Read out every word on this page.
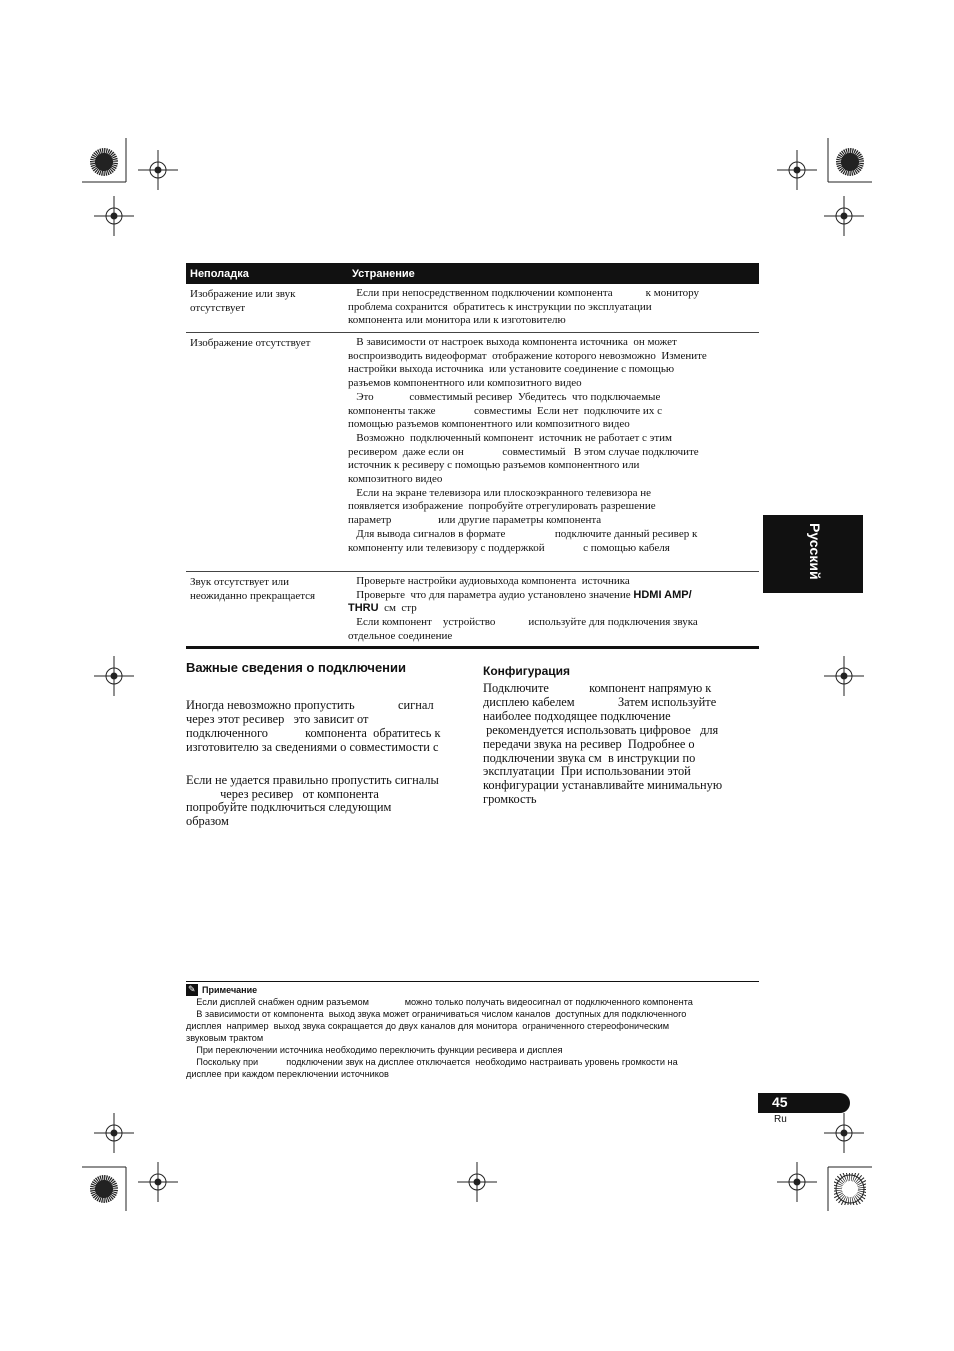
Неполадка	Устранение

Изображение или звук

отсутствует

Если при непосредственном подключении компонента            к монитору

проблема сохранится  обратитесь к инструкции по эксплуатации

компонента или монитора или к изготовителю

Изображение отсутствует	В зависимости от настроек выхода компонента источника  он может

воспроизводить видеоформат  отображение которого невозможно  Измените

настройки выхода источника  или установите соединение с помощью

разъемов компонентного или композитного видео

Это             совместимый ресивер  Убедитесь  что подключаемые

компоненты также              совместимы  Если нет  подключите их с

помощью разъемов компонентного или композитного видео

Возможно  подключенный компонент  источник не работает с этим

ресивером  даже если он              совместимый   В этом случае подключите

источник к ресиверу с помощью разъемов компонентного или

композитного видео

Если на экране телевизора или плоскоэкранного телевизора не

появляется изображение  попробуйте отрегулировать разрешение

параметр                 или другие параметры компонента

Для вывода сигналов в формате                  подключите данный ресивер к

компоненту или телевизору с поддержкой              с помощью кабеля

Звук отсутствует или

неожиданно прекращается

Проверьте настройки аудиовыхода компонента  источника

Проверьте  что для параметра аудио установлено значение HDMI AMP/

THRU  см  стр

Если компонент    устройство            используйте для подключения звука

отдельное соединение

Русский
Важные сведения о подключении

Иногда невозможно пропустить              сигнал

через этот ресивер   это зависит от

подключенного            компонента  обратитесь к

изготовителю за сведениями о совместимости с

Если не удается правильно пропустить сигналы

через ресивер   от компонента

попробуйте подключиться следующим

образом

Конфигурация

Подключите             компонент напрямую к

дисплею кабелем              Затем используйте

наиболее подходящее подключение

рекомендуется использовать цифровое   для

передачи звука на ресивер  Подробнее о

подключении звука см  в инструкции по

эксплуатации  При использовании этой

конфигурации устанавливайте минимальную

громкость

✎
Примечание

Если дисплей снабжен одним разъемом              можно только получать видеосигнал от подключенного компонента

В зависимости от компонента  выход звука может ограничиваться числом каналов  доступных для подключенного

дисплея  например  выход звука сокращается до двух каналов для монитора  ограниченного стереофоническим

звуковым трактом

При переключении источника необходимо переключить функции ресивера и дисплея

Поскольку при           подключении звук на дисплее отключается  необходимо настраивать уровень громкости на

дисплее при каждом переключении источников

45
Ru
